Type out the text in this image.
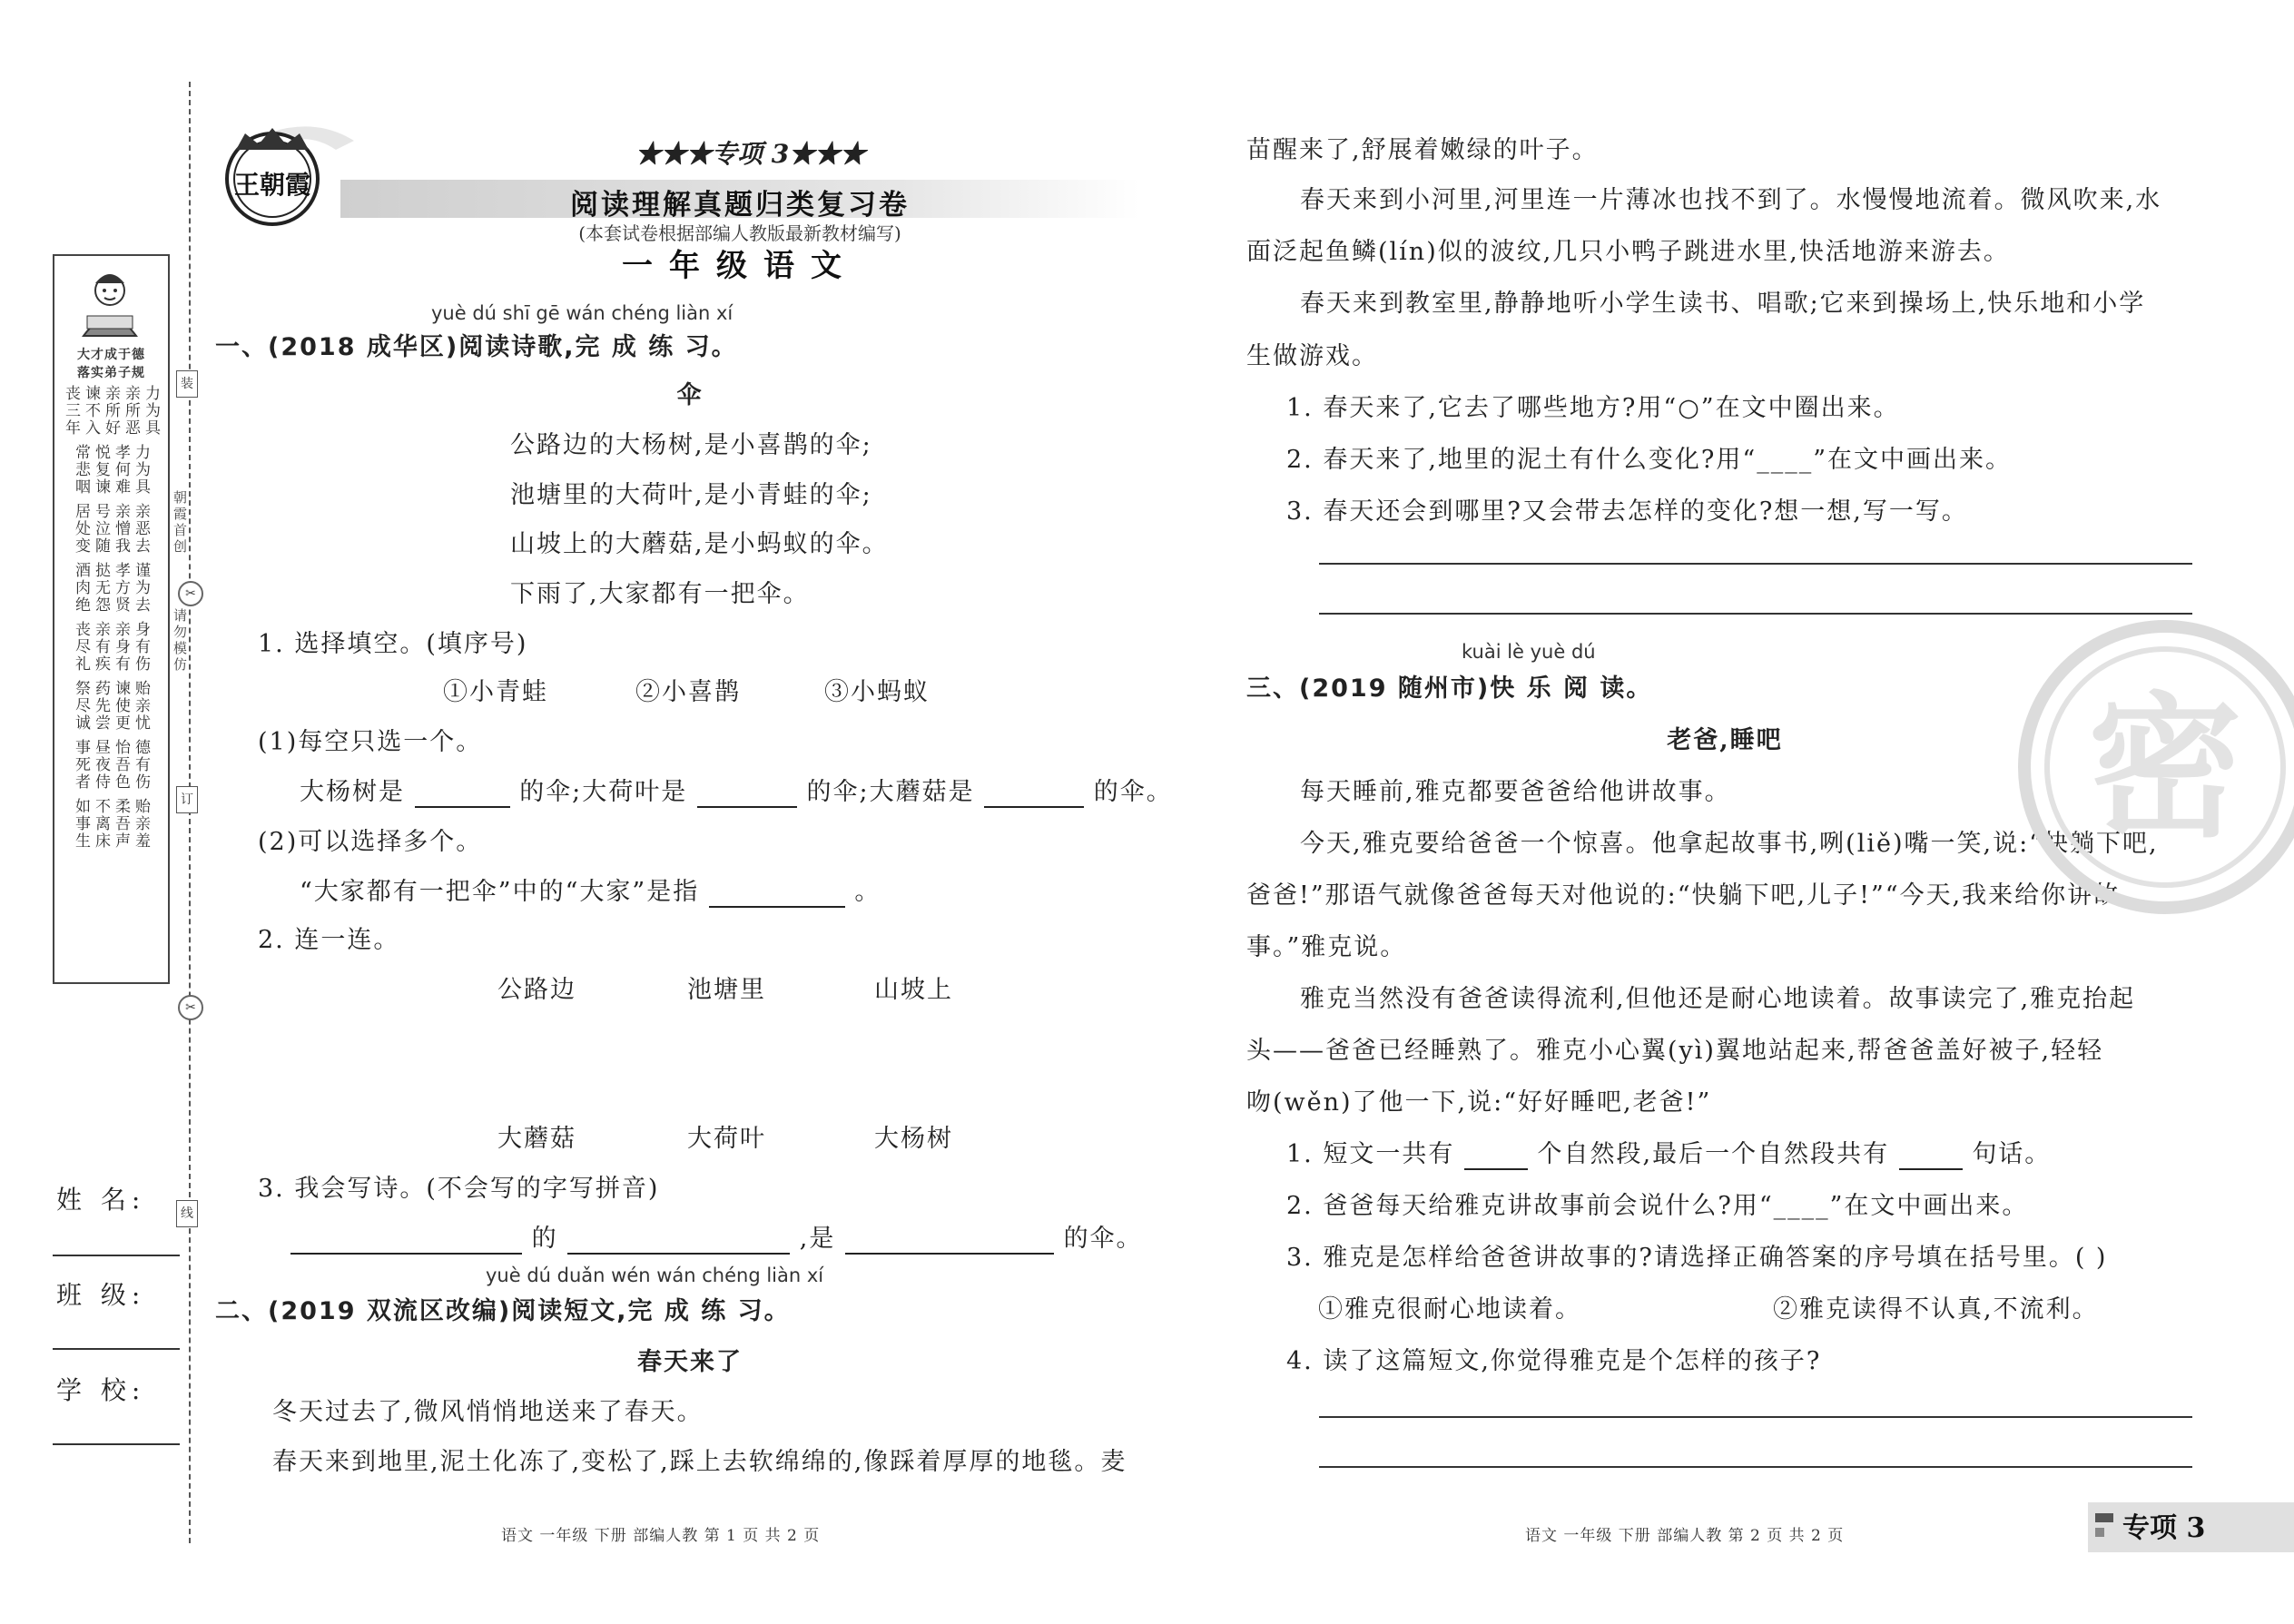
装
✂
订
✂
线
朝霞首创
请勿模仿
大才成于德
落实弟子规
丧三年 谏不入 亲所好 亲所恶 力为具
常悲咽 悦复谏 孝何难 力为具
居处变 号泣随 亲憎我 亲恶去
酒肉绝 挞无怨 孝方贤 谨为去
丧尽礼 亲有疾 亲身有 身有伤
祭尽诚 药先尝 谏使更 贻亲忧
事死者 昼夜侍 怡吾色 德有伤
如事生 不离床 柔吾声 贻亲羞
姓 名:
班 级:
学 校:
王朝霞
★★★专项 3★★★
阅读理解真题归类复习卷
(本套试卷根据部编人教版最新教材编写)
一年级语文
yuè dú shī gē wán chéng liàn xí
一、(2018 成华区)阅读诗歌,完 成 练 习。
伞
公路边的大杨树,是小喜鹊的伞;
池塘里的大荷叶,是小青蛙的伞;
山坡上的大蘑菇,是小蚂蚁的伞。
下雨了,大家都有一把伞。
1. 选择填空。(填序号)
①小青蛙	②小喜鹊	③小蚂蚁
(1)每空只选一个。
大杨树是	的伞;大荷叶是	的伞;大蘑菇是	的伞。
(2)可以选择多个。
“大家都有一把伞”中的“大家”是指	。
2. 连一连。
公路边	池塘里	山坡上
大蘑菇	大荷叶	大杨树
3. 我会写诗。(不会写的字写拼音)
的	,是	的伞。
yuè dú duǎn wén wán chéng liàn xí
二、(2019 双流区改编)阅读短文,完 成 练 习。
春天来了
冬天过去了,微风悄悄地送来了春天。
春天来到地里,泥土化冻了,变松了,踩上去软绵绵的,像踩着厚厚的地毯。麦
苗醒来了,舒展着嫩绿的叶子。
春天来到小河里,河里连一片薄冰也找不到了。水慢慢地流着。微风吹来,水
面泛起鱼鳞(lín)似的波纹,几只小鸭子跳进水里,快活地游来游去。
春天来到教室里,静静地听小学生读书、唱歌;它来到操场上,快乐地和小学
生做游戏。
1. 春天来了,它去了哪些地方?用“○”在文中圈出来。
2. 春天来了,地里的泥土有什么变化?用“____”在文中画出来。
3. 春天还会到哪里?又会带去怎样的变化?想一想,写一写。
kuài lè yuè dú
三、(2019 随州市)快 乐 阅 读。
老爸,睡吧
每天睡前,雅克都要爸爸给他讲故事。
今天,雅克要给爸爸一个惊喜。他拿起故事书,咧(liě)嘴一笑,说:“快躺下吧,
爸爸!”那语气就像爸爸每天对他说的:“快躺下吧,儿子!”“今天,我来给你讲故
事。”雅克说。
雅克当然没有爸爸读得流利,但他还是耐心地读着。故事读完了,雅克抬起
头——爸爸已经睡熟了。雅克小心翼(yì)翼地站起来,帮爸爸盖好被子,轻轻
吻(wěn)了他一下,说:“好好睡吧,老爸!”
1. 短文一共有	个自然段,最后一个自然段共有	句话。
2. 爸爸每天给雅克讲故事前会说什么?用“____”在文中画出来。
3. 雅克是怎样给爸爸讲故事的?请选择正确答案的序号填在括号里。( )
①雅克很耐心地读着。	②雅克读得不认真,不流利。
4. 读了这篇短文,你觉得雅克是个怎样的孩子?
密
语文 一年级 下册 部编人教 第 1 页 共 2 页	语文 一年级 下册 部编人教 第 2 页 共 2 页	专项 3
